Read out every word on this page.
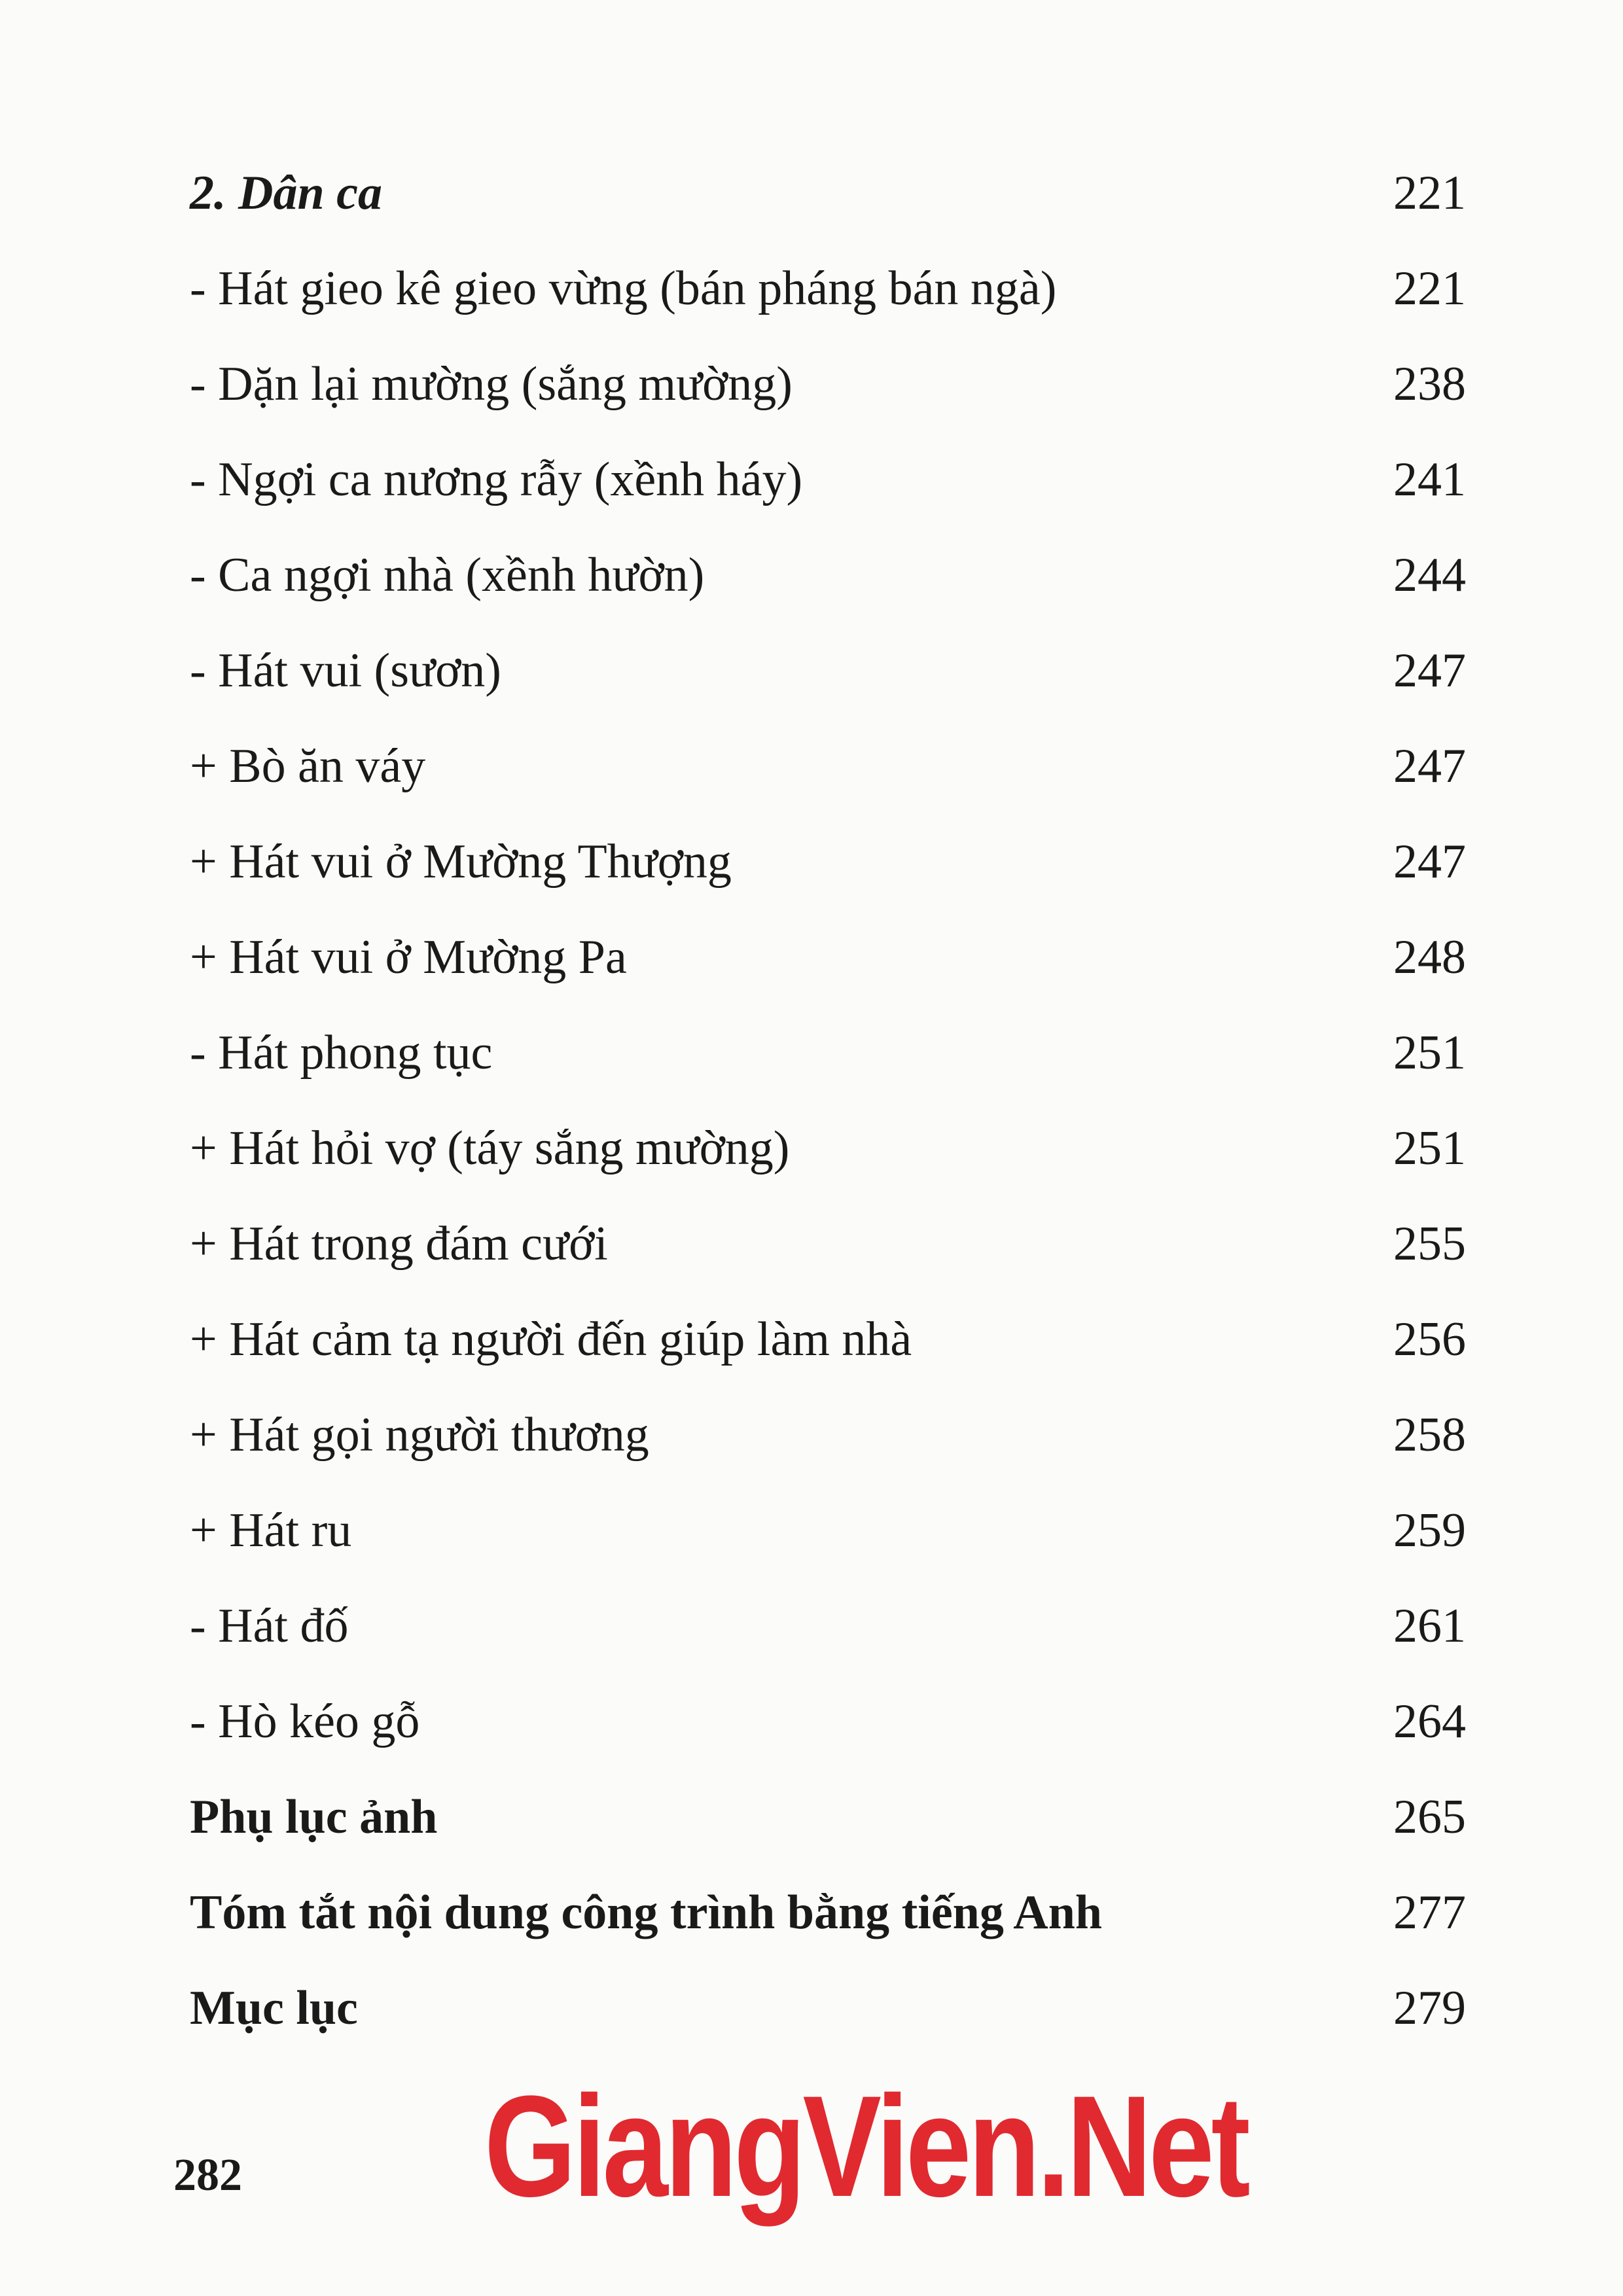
2. Dân ca	221
- Hát gieo kê gieo vừng (bán pháng bán ngà)	221
- Dặn lại mường (sắng mường)	238
- Ngợi ca nương rẫy (xềnh háy)	241
- Ca ngợi nhà (xềnh hườn)	244
- Hát vui (sươn)	247
+ Bò ăn váy	247
+ Hát vui ở Mường Thượng	247
+ Hát vui ở Mường Pa	248
- Hát phong tục	251
+ Hát hỏi vợ (táy sắng mường)	251
+ Hát trong đám cưới	255
+ Hát cảm tạ người đến giúp làm nhà	256
+ Hát gọi người thương	258
+ Hát ru	259
- Hát đố	261
- Hò kéo gỗ	264
Phụ lục ảnh	265
Tóm tắt nội dung công trình bằng tiếng Anh	277
Mục lục	279
282 GiangVien.Net
